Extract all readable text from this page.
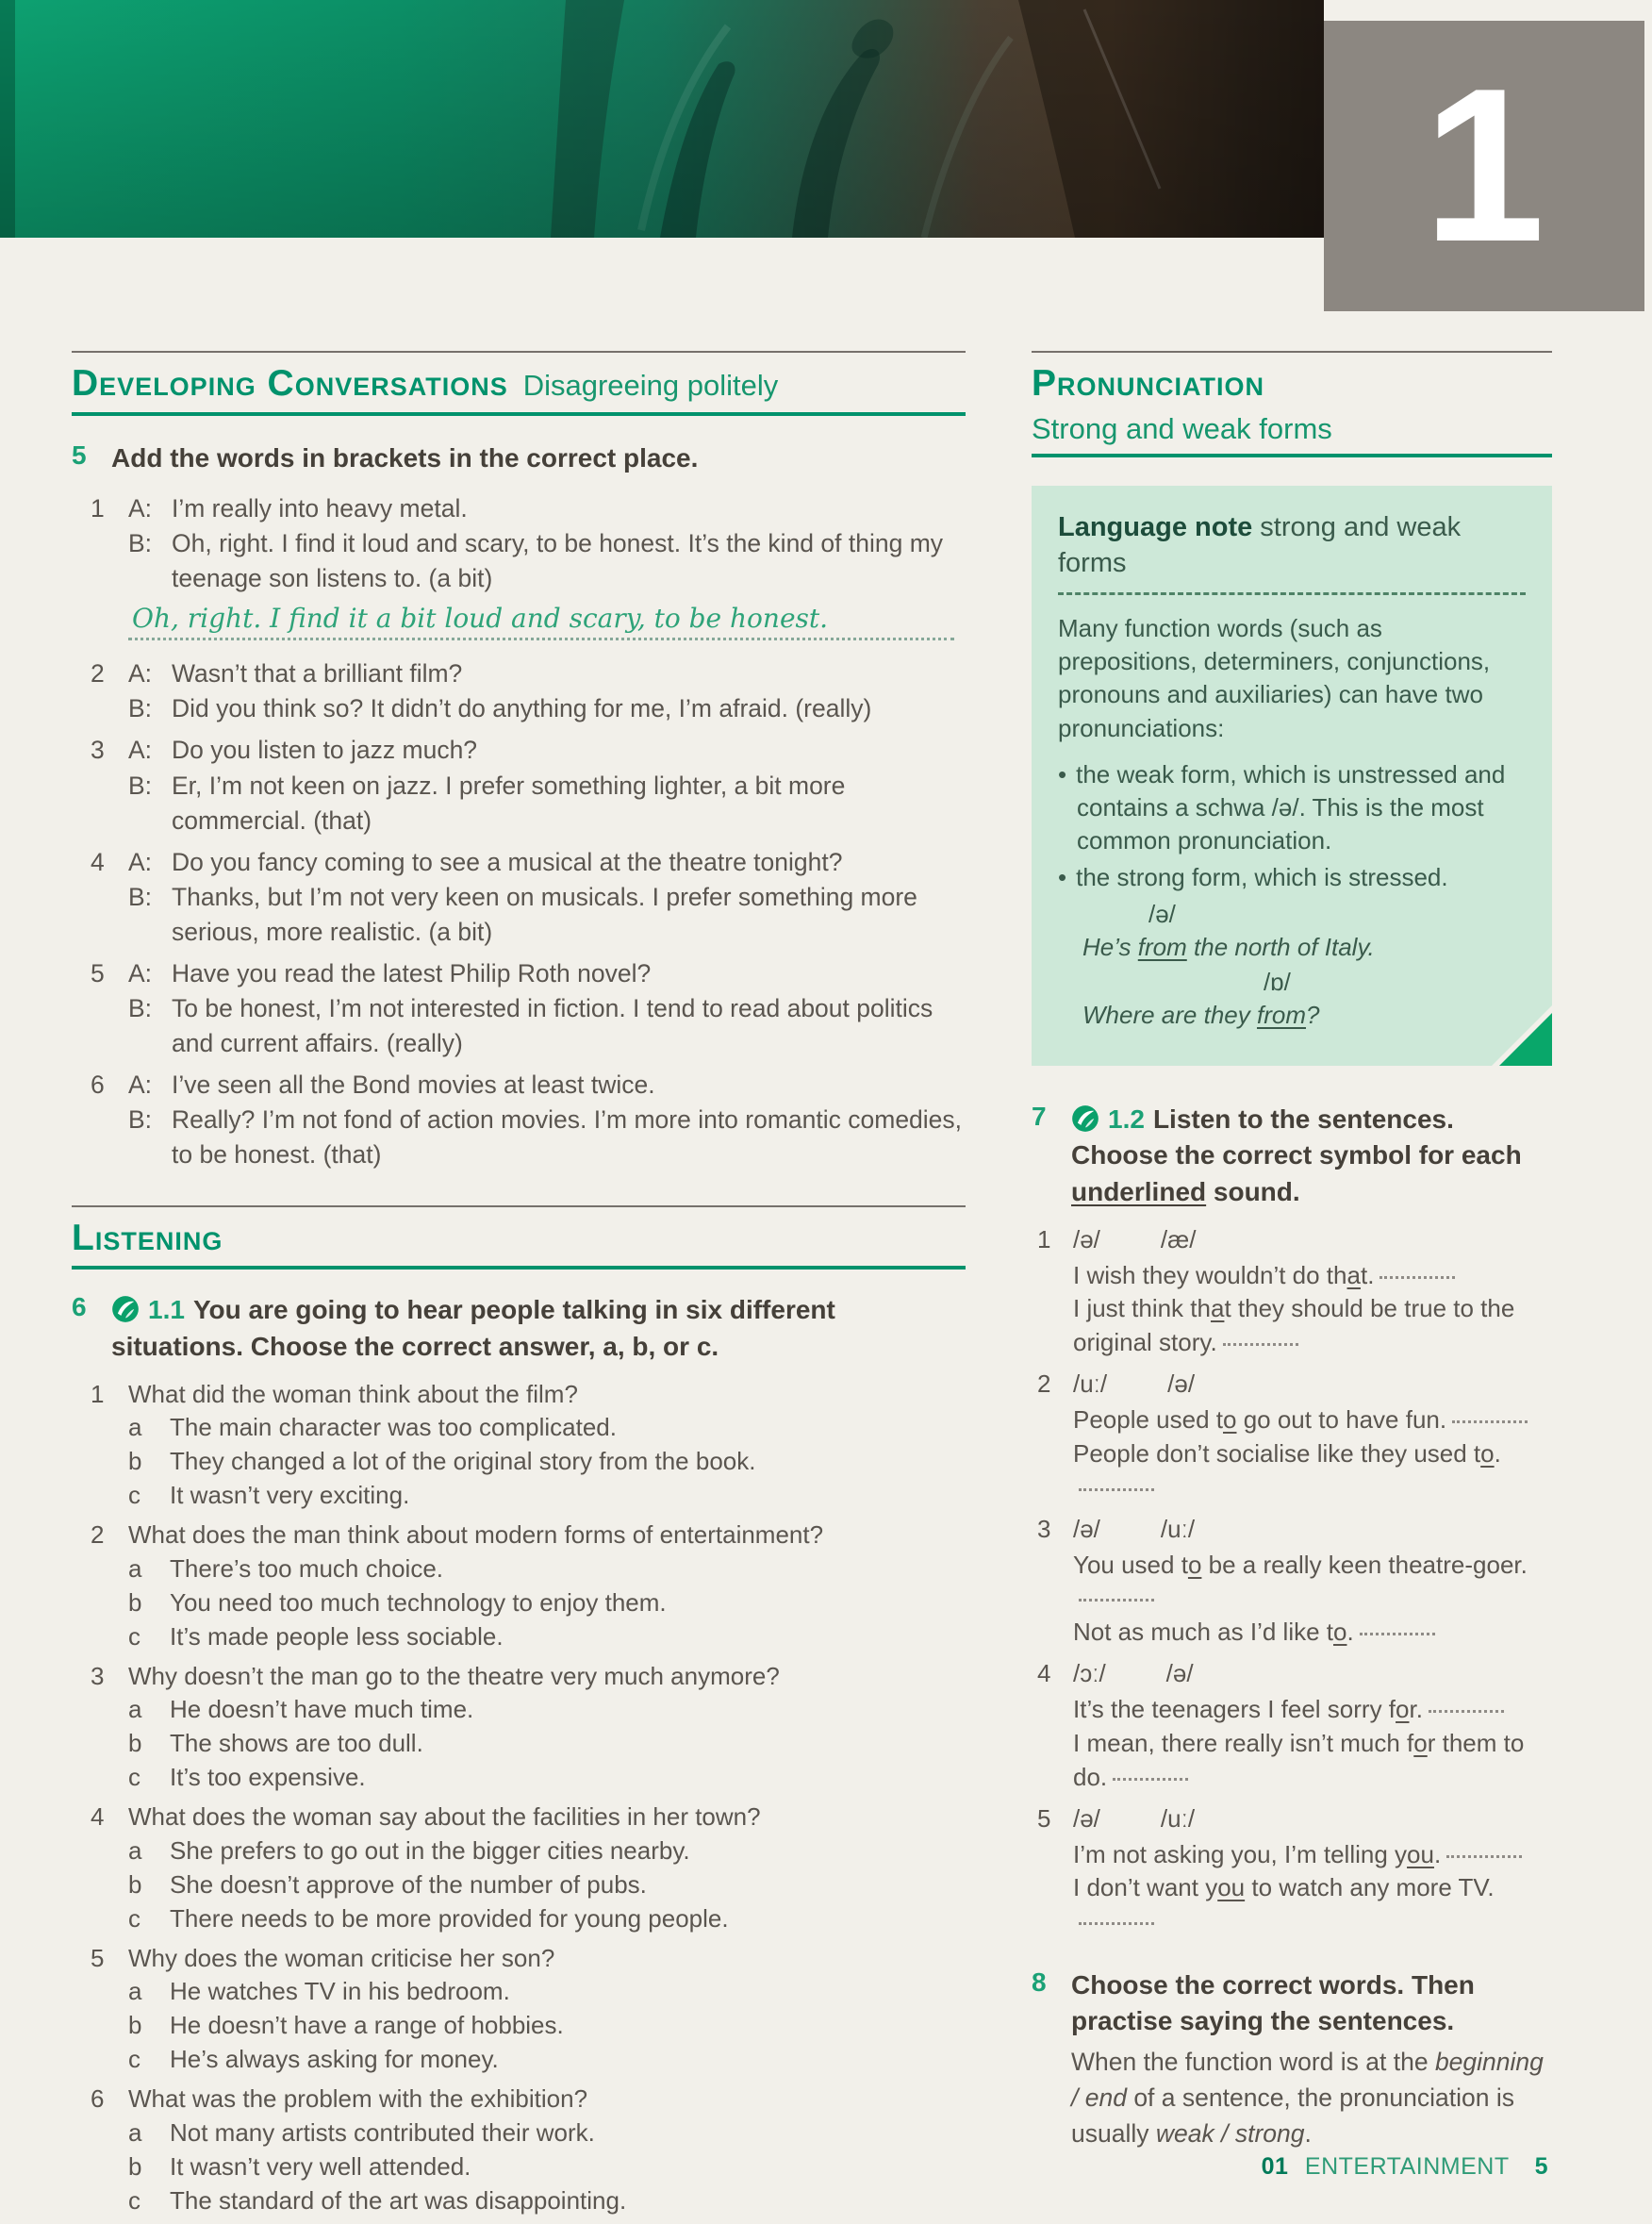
1
Developing Conversations Disagreeing politely
5 Add the words in brackets in the correct place.
1 A: I’m really into heavy metal.
B: Oh, right. I find it loud and scary, to be honest. It’s the kind of thing my teenage son listens to. (a bit)
Oh, right. I find it a bit loud and scary, to be honest.
2 A: Wasn’t that a brilliant film?
B: Did you think so? It didn’t do anything for me, I’m afraid. (really)
3 A: Do you listen to jazz much?
B: Er, I’m not keen on jazz. I prefer something lighter, a bit more commercial. (that)
4 A: Do you fancy coming to see a musical at the theatre tonight?
B: Thanks, but I’m not very keen on musicals. I prefer something more serious, more realistic. (a bit)
5 A: Have you read the latest Philip Roth novel?
B: To be honest, I’m not interested in fiction. I tend to read about politics and current affairs. (really)
6 A: I’ve seen all the Bond movies at least twice.
B: Really? I’m not fond of action movies. I’m more into romantic comedies, to be honest. (that)
Listening
6	1.1 You are going to hear people talking in six different situations. Choose the correct answer, a, b, or c.
1 What did the woman think about the film?
a	The main character was too complicated.
b	They changed a lot of the original story from the book.
c	It wasn’t very exciting.
2 What does the man think about modern forms of entertainment?
a	There’s too much choice.
b	You need too much technology to enjoy them.
c	It’s made people less sociable.
3 Why doesn’t the man go to the theatre very much anymore?
a	He doesn’t have much time.
b	The shows are too dull.
c	It’s too expensive.
4 What does the woman say about the facilities in her town?
a	She prefers to go out in the bigger cities nearby.
b	She doesn’t approve of the number of pubs.
c	There needs to be more provided for young people.
5 Why does the woman criticise her son?
a	He watches TV in his bedroom.
b	He doesn’t have a range of hobbies.
c	He’s always asking for money.
6 What was the problem with the exhibition?
a	Not many artists contributed their work.
b	It wasn’t very well attended.
c	The standard of the art was disappointing.
Pronunciation
Strong and weak forms
Language note strong and weak forms

Many function words (such as prepositions, determiners, conjunctions, pronouns and auxiliaries) can have two pronunciations:

• the weak form, which is unstressed and contains a schwa /ə/. This is the most common pronunciation.
• the strong form, which is stressed.
/ə/

He’s from the north of Italy.

/ɒ/

Where are they from?

7	1.2 Listen to the sentences. Choose the correct symbol for each underlined sound.
1 /ə/ /æ/

I wish they wouldn’t do that.

I just think that they should be true to the original story.

2 /uː/ /ə/

People used to go out to have fun.

People don’t socialise like they used to.

3 /ə/ /uː/

You used to be a really keen theatre-goer.

Not as much as I’d like to.

4 /ɔː/ /ə/

It’s the teenagers I feel sorry for.

I mean, there really isn’t much for them to do.

5 /ə/ /uː/

I’m not asking you, I’m telling you.

I don’t want you to watch any more TV.

8 Choose the correct words. Then practise saying the sentences.
When the function word is at the beginning / end of a sentence, the pronunciation is usually weak / strong.
01 ENTERTAINMENT 5
